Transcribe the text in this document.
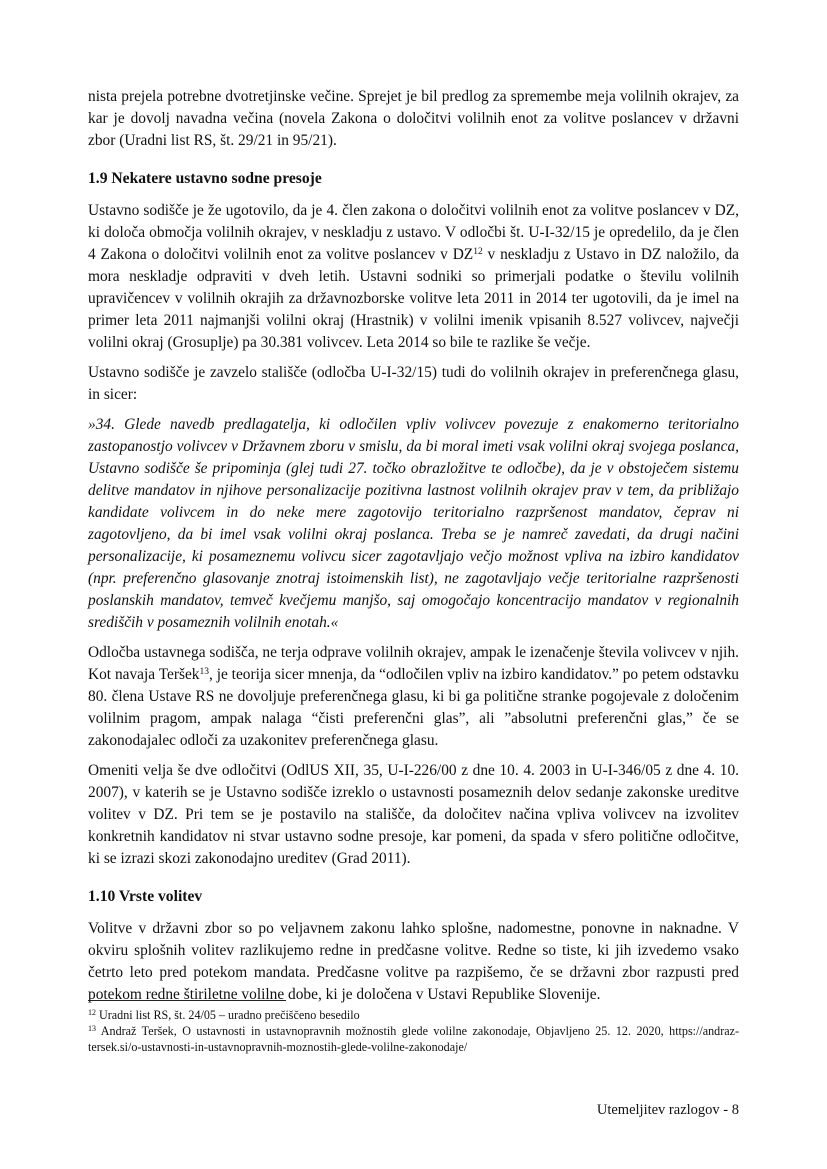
nista prejela potrebne dvotretjinske večine. Sprejet je bil predlog za spremembe meja volilnih okrajev, za kar je dovolj navadna večina (novela Zakona o določitvi volilnih enot za volitve poslancev v državni zbor (Uradni list RS, št. 29/21 in 95/21).

1.9 Nekatere ustavno sodne presoje

Ustavno sodišče je že ugotovilo, da je 4. člen zakona o določitvi volilnih enot za volitve poslancev v DZ, ki določa območja volilnih okrajev, v neskladju z ustavo. V odločbi št. U-I-32/15 je opredelilo, da je člen 4 Zakona o določitvi volilnih enot za volitve poslancev v DZ$^{12}$ v neskladju z Ustavo in DZ naložilo, da mora neskladje odpraviti v dveh letih. Ustavni sodniki so primerjali podatke o številu volilnih upravičencev v volilnih okrajih za državnozborske volitve leta 2011 in 2014 ter ugotovili, da je imel na primer leta 2011 najmanjši volilni okraj (Hrastnik) v volilni imenik vpisanih 8.527 volivcev, največji volilni okraj (Grosuplje) pa 30.381 volivcev. Leta 2014 so bile te razlike še večje.

Ustavno sodišče je zavzelo stališče (odločba U-I-32/15) tudi do volilnih okrajev in preferenčnega glasu, in sicer:

»34. Glede navedb predlagatelja, ki odločilen vpliv volivcev povezuje z enakomerno teritorialno zastopanostjo volivcev v Državnem zboru v smislu, da bi moral imeti vsak volilni okraj svojega poslanca, Ustavno sodišče še pripominja (glej tudi 27. točko obrazložitve te odločbe), da je v obstoječem sistemu delitve mandatov in njihove personalizacije pozitivna lastnost volilnih okrajev prav v tem, da približajo kandidate volivcem in do neke mere zagotovijo teritorialno razpršenost mandatov, čeprav ni zagotovljeno, da bi imel vsak volilni okraj poslanca. Treba se je namreč zavedati, da drugi načini personalizacije, ki posameznemu volivcu sicer zagotavljajo večjo možnost vpliva na izbiro kandidatov (npr. preferenčno glasovanje znotraj istoimenskih list), ne zagotavljajo večje teritorialne razpršenosti poslanskih mandatov, temveč kvečjemu manjšo, saj omogočajo koncentracijo mandatov v regionalnih središčih v posameznih volilnih enotah.«

Odločba ustavnega sodišča, ne terja odprave volilnih okrajev, ampak le izenačenje števila volivcev v njih. Kot navaja Teršek$^{13}$, je teorija sicer mnenja, da “odločilen vpliv na izbiro kandidatov.” po petem odstavku 80. člena Ustave RS ne dovoljuje preferenčnega glasu, ki bi ga politične stranke pogojevale z določenim volilnim pragom, ampak nalaga “čisti preferenčni glas”, ali ”absolutni preferenčni glas,” če se zakonodajalec odloči za uzakonitev preferenčnega glasu.

Omeniti velja še dve odločitvi (OdlUS XII, 35, U-I-226/00 z dne 10. 4. 2003 in U-I-346/05 z dne 4. 10. 2007), v katerih se je Ustavno sodišče izreklo o ustavnosti posameznih delov sedanje zakonske ureditve volitev v DZ. Pri tem se je postavilo na stališče, da določitev načina vpliva volivcev na izvolitev konkretnih kandidatov ni stvar ustavno sodne presoje, kar pomeni, da spada v sfero politične odločitve, ki se izrazi skozi zakonodajno ureditev (Grad 2011).

1.10 Vrste volitev

Volitve v državni zbor so po veljavnem zakonu lahko splošne, nadomestne, ponovne in naknadne. V okviru splošnih volitev razlikujemo redne in predčasne volitve. Redne so tiste, ki jih izvedemo vsako četrto leto pred potekom mandata. Predčasne volitve pa razpišemo, če se državni zbor razpusti pred potekom redne štiriletne volilne dobe, ki je določena v Ustavi Republike Slovenije.

$^{12}$ Uradni list RS, št. 24/05 – uradno prečiščeno besedilo

$^{13}$ Andraž Teršek, O ustavnosti in ustavnopravnih možnostih glede volilne zakonodaje, Objavljeno 25. 12. 2020, https://andraz-tersek.si/o-ustavnosti-in-ustavnopravnih-moznostih-glede-volilne-zakonodaje/

Utemeljitev razlogov - 8
